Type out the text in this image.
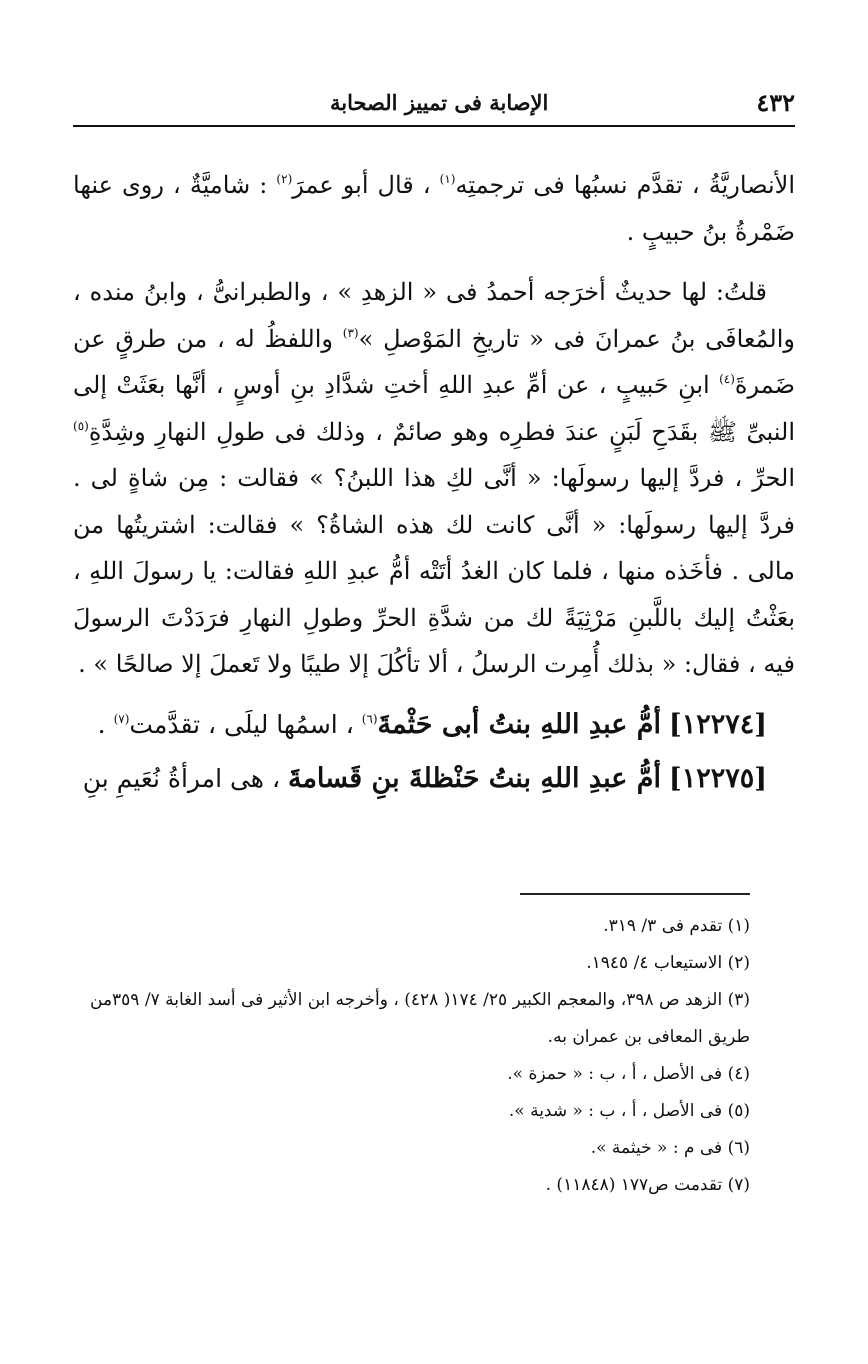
٤٣٢
الإصابة فى تمييز الصحابة

الأنصاريَّةُ ، تقدَّم نسبُها فى ترجمتِه$^{(١)}$ ، قال أبو عمرَ$^{(٢)}$ : شاميَّةٌ ، روى عنها ضَمْرةُ بنُ حبيبٍ .

قلتُ: لها حديثٌ أخرَجه أحمدُ فى « الزهدِ » ، والطبرانىُّ ، وابنُ منده ، والمُعافَى بنُ عمرانَ فى « تاريخِ المَوْصلِ »$^{(٣)}$ واللفظُ له ، من طرقٍ عن ضَمرةَ$^{(٤)}$ ابنِ حَبيبٍ ، عن أمِّ عبدِ اللهِ أختِ شدَّادِ بنِ أوسٍ ، أنَّها بعَثَتْ إلى النبىِّ ﷺ بقَدَحِ لَبَنٍ عندَ فطرِه وهو صائمٌ ، وذلك فى طولِ النهارِ وشِدَّةِ$^{(٥)}$ الحرِّ ، فردَّ إليها رسولَها: « أنَّى لكِ هذا اللبنُ؟ » فقالت : مِن شاةٍ لى . فردَّ إليها رسولَها: « أنَّى كانت لك هذه الشاةُ؟ » فقالت: اشتريتُها من مالى . فأخَذه منها ، فلما كان الغدُ أتَتْه أمُّ عبدِ اللهِ فقالت: يا رسولَ اللهِ ، بعَثْتُ إليك باللَّبنِ مَرْثِيَةً لك من شدَّةِ الحرِّ وطولِ النهارِ فرَدَدْتَ الرسولَ فيه ، فقال: « بذلك أُمِرت الرسلُ ، ألا تأكُلَ إلا طيبًا ولا تَعملَ إلا صالحًا » .

[١٢٢٧٤] أمُّ عبدِ اللهِ بنتُ أبى حَثْمةَ$^{(٦)}$ ، اسمُها ليلَى ، تقدَّمت$^{(٧)}$ .

[١٢٢٧٥] أمُّ عبدِ اللهِ بنتُ حَنْظلةَ بنِ قَسامةَ ، هى امرأةُ نُعَيمِ بنِ

(١) تقدم فى ٣/ ٣١٩.

(٢) الاستيعاب ٤/ ١٩٤٥.

(٣) الزهد ص ٣٩٨، والمعجم الكبير ٢٥/ ١٧٤( ٤٢٨) ، وأخرجه ابن الأثير فى أسد الغابة ٧/ ٣٥٩من طريق المعافى بن عمران به.

(٤) فى الأصل ، أ ، ب : « حمزة ».

(٥) فى الأصل ، أ ، ب : « شدية ».

(٦) فى م : « خيثمة ».

(٧) تقدمت ص١٧٧ (١١٨٤٨) .
